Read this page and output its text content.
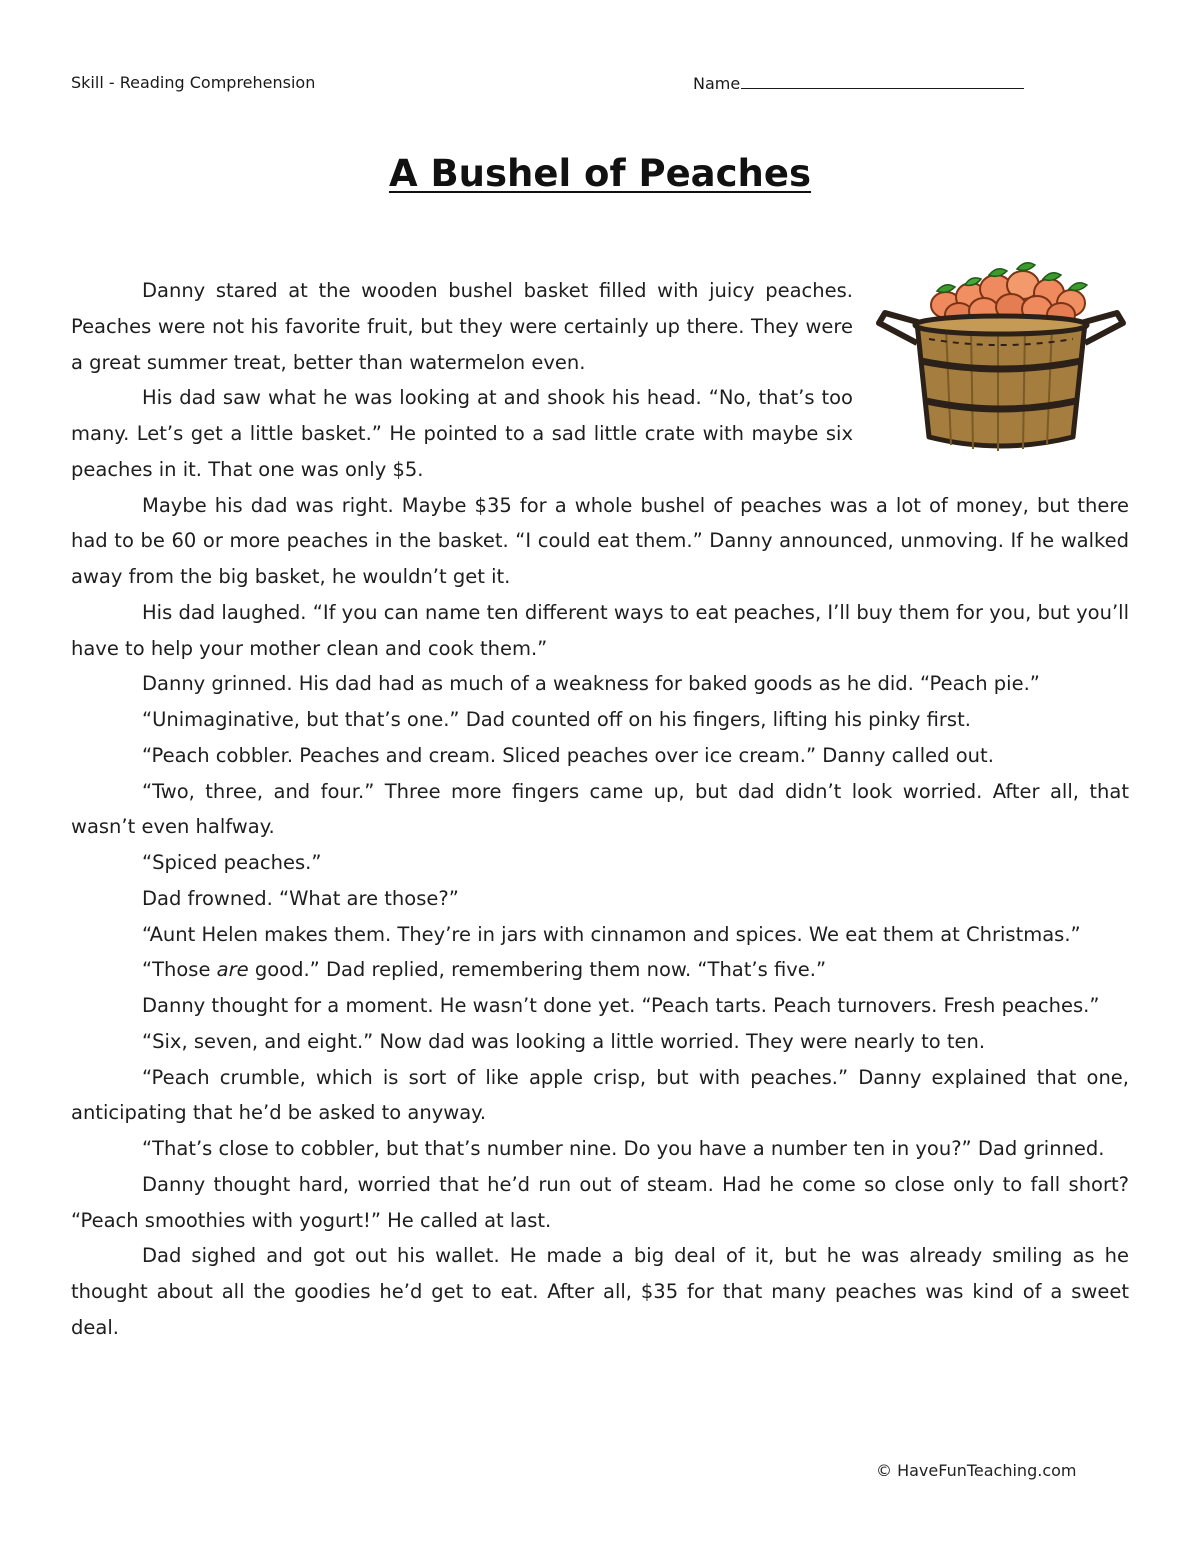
Skill - Reading Comprehension	Name
A Bushel of Peaches

Danny stared at the wooden bushel basket filled with juicy peaches. Peaches were not his favorite fruit, but they were certainly up there. They were a great summer treat, better than watermelon even.

His dad saw what he was looking at and shook his head. “No, that’s too many. Let’s get a little basket.” He pointed to a sad little crate with maybe six peaches in it. That one was only $5.

Maybe his dad was right. Maybe $35 for a whole bushel of peaches was a lot of money, but there had to be 60 or more peaches in the basket. “I could eat them.” Danny announced, unmoving. If he walked away from the big basket, he wouldn’t get it.

His dad laughed. “If you can name ten different ways to eat peaches, I’ll buy them for you, but you’ll have to help your mother clean and cook them.”

Danny grinned. His dad had as much of a weakness for baked goods as he did. “Peach pie.”

“Unimaginative, but that’s one.” Dad counted off on his fingers, lifting his pinky first.

“Peach cobbler. Peaches and cream. Sliced peaches over ice cream.” Danny called out.

“Two, three, and four.” Three more fingers came up, but dad didn’t look worried. After all, that wasn’t even halfway.

“Spiced peaches.”

Dad frowned. “What are those?”

“Aunt Helen makes them. They’re in jars with cinnamon and spices. We eat them at Christmas.”

“Those are good.” Dad replied, remembering them now. “That’s five.”

Danny thought for a moment. He wasn’t done yet. “Peach tarts. Peach turnovers. Fresh peaches.”

“Six, seven, and eight.” Now dad was looking a little worried. They were nearly to ten.

“Peach crumble, which is sort of like apple crisp, but with peaches.” Danny explained that one, anticipating that he’d be asked to anyway.

“That’s close to cobbler, but that’s number nine. Do you have a number ten in you?” Dad grinned.

Danny thought hard, worried that he’d run out of steam. Had he come so close only to fall short? “Peach smoothies with yogurt!” He called at last.

Dad sighed and got out his wallet. He made a big deal of it, but he was already smiling as he thought about all the goodies he’d get to eat. After all, $35 for that many peaches was kind of a sweet deal.

© HaveFunTeaching.com
